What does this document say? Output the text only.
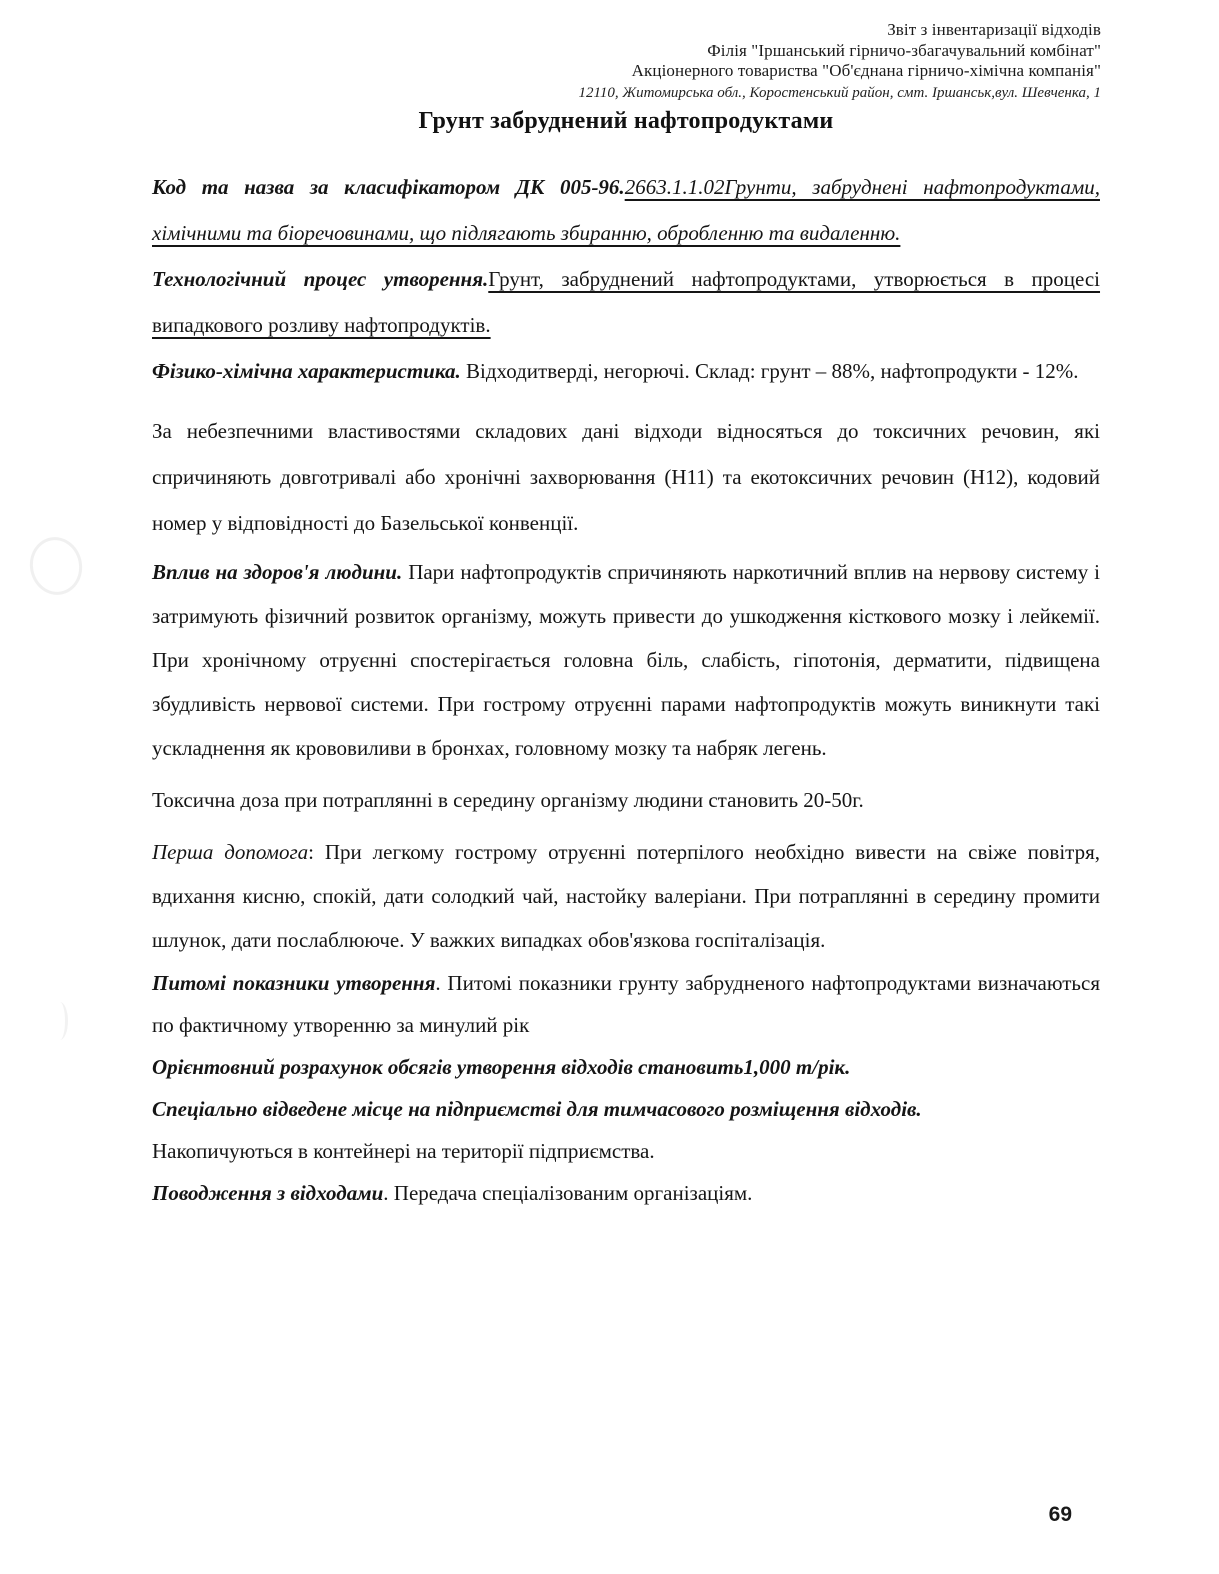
Звіт з інвентаризації відходів
Філія "Іршанський гірничо-збагачувальний комбінат"
Акціонерного товариства "Об'єднана гірничо-хімічна компанія"
12110, Житомирська обл., Коростенський район, смт. Іршанськ,вул. Шевченка, 1
Грунт забруднений нафтопродуктами

Код та назва за класифікатором ДК 005-96.2663.1.1.02Грунти, забруднені нафтопродуктами, хімічними та біоречовинами, що підлягають збиранню, обробленню та видаленню.

Технологічний процес утворення.Грунт, забруднений нафтопродуктами, утворюється в процесі випадкового розливу нафтопродуктів.

Фізико-хімічна характеристика. Відходитверді, негорючі. Склад: грунт – 88%, нафтопродукти - 12%.

За небезпечними властивостями складових дані відходи відносяться до токсичних речовин, які спричиняють довготривалі або хронічні захворювання (Н11) та екотоксичних речовин (Н12), кодовий номер у відповідності до Базельської конвенції.

Вплив на здоров'я людини. Пари нафтопродуктів спричиняють наркотичний вплив на нервову систему і затримують фізичний розвиток організму, можуть привести до ушкодження кісткового мозку і лейкемії. При хронічному отруєнні спостерігається головна біль, слабість, гіпотонія, дерматити, підвищена збудливість нервової системи. При гострому отруєнні парами нафтопродуктів можуть виникнути такі ускладнення як крововиливи в бронхах, головному мозку та набряк легень.

Токсична доза при потраплянні в середину організму людини становить 20-50г.

Перша допомога: При легкому гострому отруєнні потерпілого необхідно вивести на свіже повітря, вдихання кисню, спокій, дати солодкий чай, настойку валеріани. При потраплянні в середину промити шлунок, дати послаблююче. У важких випадках обов'язкова госпіталізація.

Питомі показники утворення. Питомі показники грунту забрудненого нафтопродуктами визначаються по фактичному утворенню за минулий рік

Орієнтовний розрахунок обсягів утворення відходів становить1,000 т/рік.

Спеціально відведене місце на підприємстві для тимчасового розміщення відходів.

Накопичуються в контейнері на території підприємства.

Поводження з відходами. Передача спеціалізованим організаціям.

69
